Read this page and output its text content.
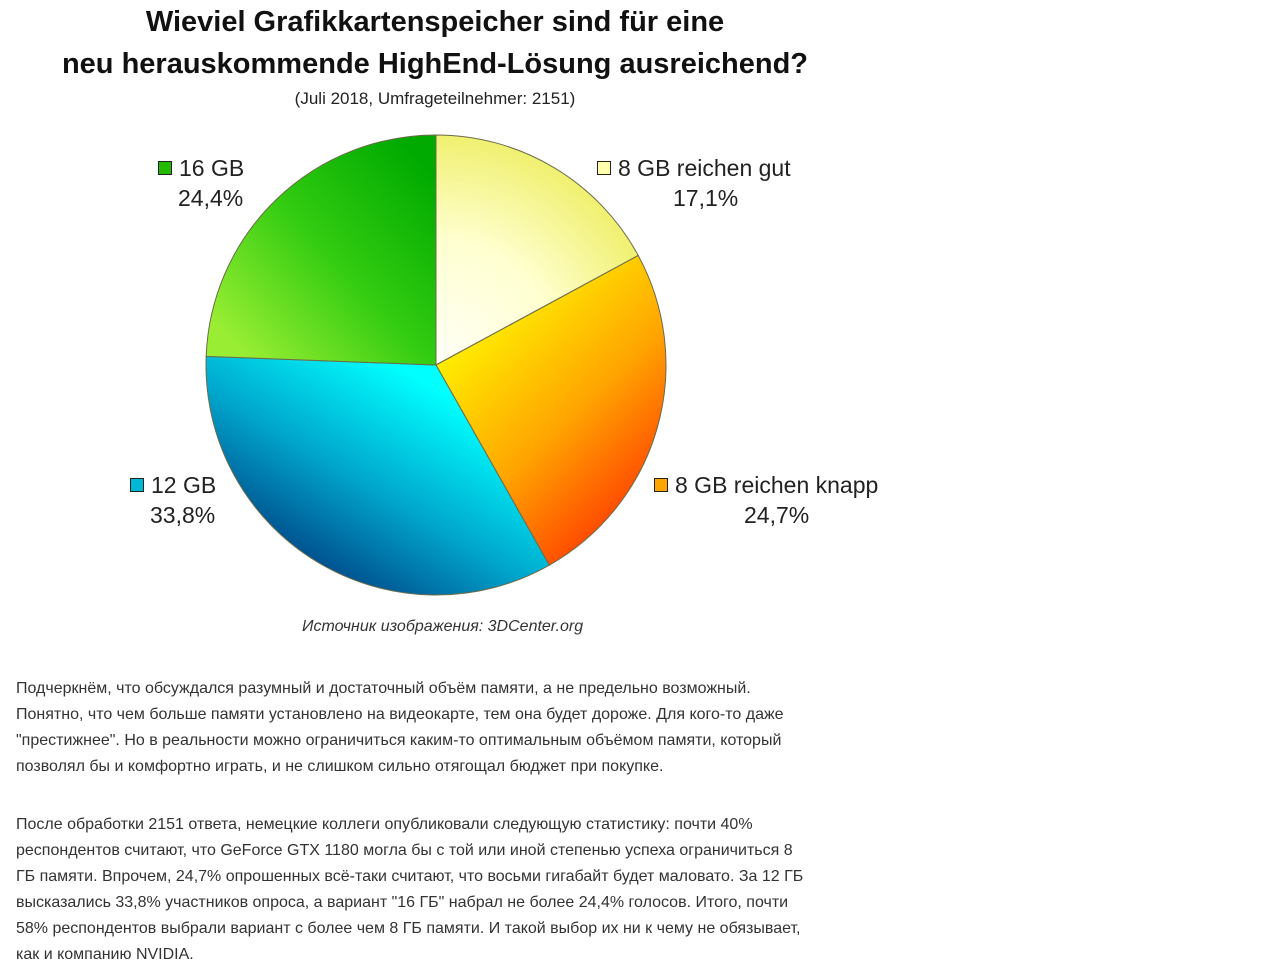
Wieviel Grafikkartenspeicher sind für eine
neu herauskommende HighEnd-Lösung ausreichend?
(Juli 2018, Umfrageteilnehmer: 2151)
8 GB reichen gut
17,1%
8 GB reichen knapp
24,7%
12 GB
33,8%
16 GB
24,4%
Источник изображения: 3DCenter.org

Подчеркнём, что обсуждался разумный и достаточный объём памяти, а не предельно возможный.
Понятно, что чем больше памяти установлено на видеокарте, тем она будет дороже. Для кого-то даже
"престижнее". Но в реальности можно ограничиться каким-то оптимальным объёмом памяти, который
позволял бы и комфортно играть, и не слишком сильно отягощал бюджет при покупке.

После обработки 2151 ответа, немецкие коллеги опубликовали следующую статистику: почти 40%
респондентов считают, что GeForce GTX 1180 могла бы с той или иной степенью успеха ограничиться 8
ГБ памяти. Впрочем, 24,7% опрошенных всё-таки считают, что восьми гигабайт будет маловато. За 12 ГБ
высказались 33,8% участников опроса, а вариант "16 ГБ" набрал не более 24,4% голосов. Итого, почти
58% респондентов выбрали вариант с более чем 8 ГБ памяти. И такой выбор их ни к чему не обязывает,
как и компанию NVIDIA.
